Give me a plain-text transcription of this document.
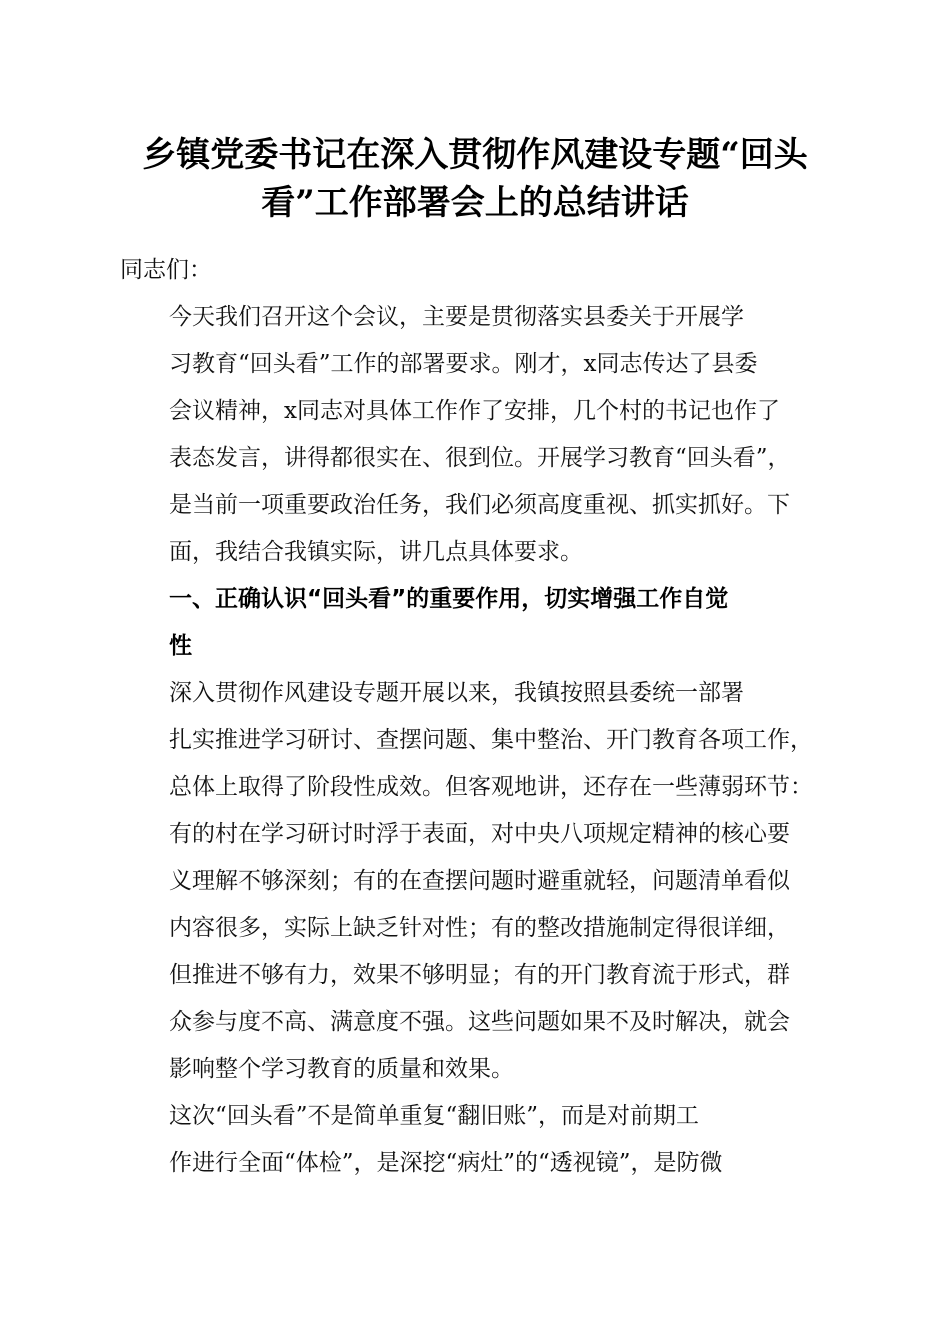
乡镇党委书记在深入贯彻作风建设专题“回头
看”工作部署会上的总结讲话

同志们：

今天我们召开这个会议，主要是贯彻落实县委关于开展学
习教育“回头看”工作的部署要求。刚才，x同志传达了县委
会议精神，x同志对具体工作作了安排，几个村的书记也作了
表态发言，讲得都很实在、很到位。开展学习教育“回头看”，
是当前一项重要政治任务，我们必须高度重视、抓实抓好。下
面，我结合我镇实际，讲几点具体要求。

一、正确认识“回头看”的重要作用，切实增强工作自觉
性

深入贯彻作风建设专题开展以来，我镇按照县委统一部署
扎实推进学习研讨、查摆问题、集中整治、开门教育各项工作，
总体上取得了阶段性成效。但客观地讲，还存在一些薄弱环节：
有的村在学习研讨时浮于表面，对中央八项规定精神的核心要
义理解不够深刻；有的在查摆问题时避重就轻，问题清单看似
内容很多，实际上缺乏针对性；有的整改措施制定得很详细，
但推进不够有力，效果不够明显；有的开门教育流于形式，群
众参与度不高、满意度不强。这些问题如果不及时解决，就会
影响整个学习教育的质量和效果。

这次“回头看”不是简单重复“翻旧账”，而是对前期工
作进行全面“体检”，是深挖“病灶”的“透视镜”，是防微
